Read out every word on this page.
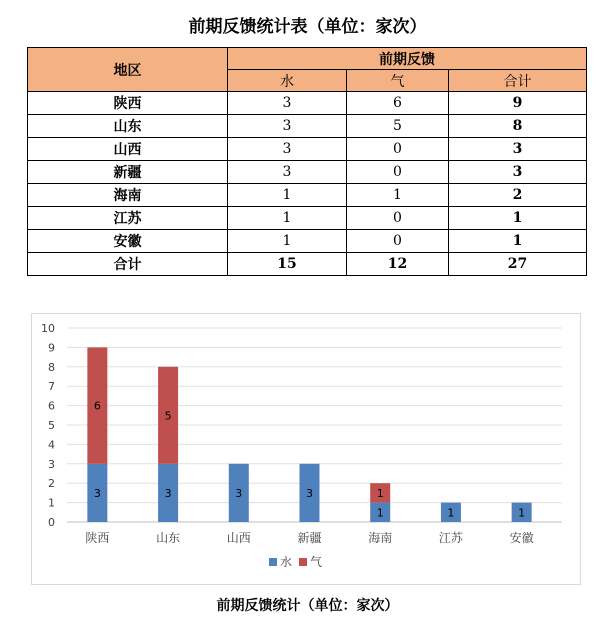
前期反馈统计表（单位：家次）
地区	前期反馈		
	水	气	合计
陕西	3	6	9
山东	3	5	8
山西	3	0	3
新疆	3	0	3
海南	1	1	2
江苏	1	0	1
安徽	1	0	1
合计	15	12	27
0
1
2
3
4
5
6
7
8
9
10
3
6
陕西
3
5
山东
3
山西
3
新疆
1
1
海南
1
江苏
1
安徽
水 气
前期反馈统计（单位：家次）
